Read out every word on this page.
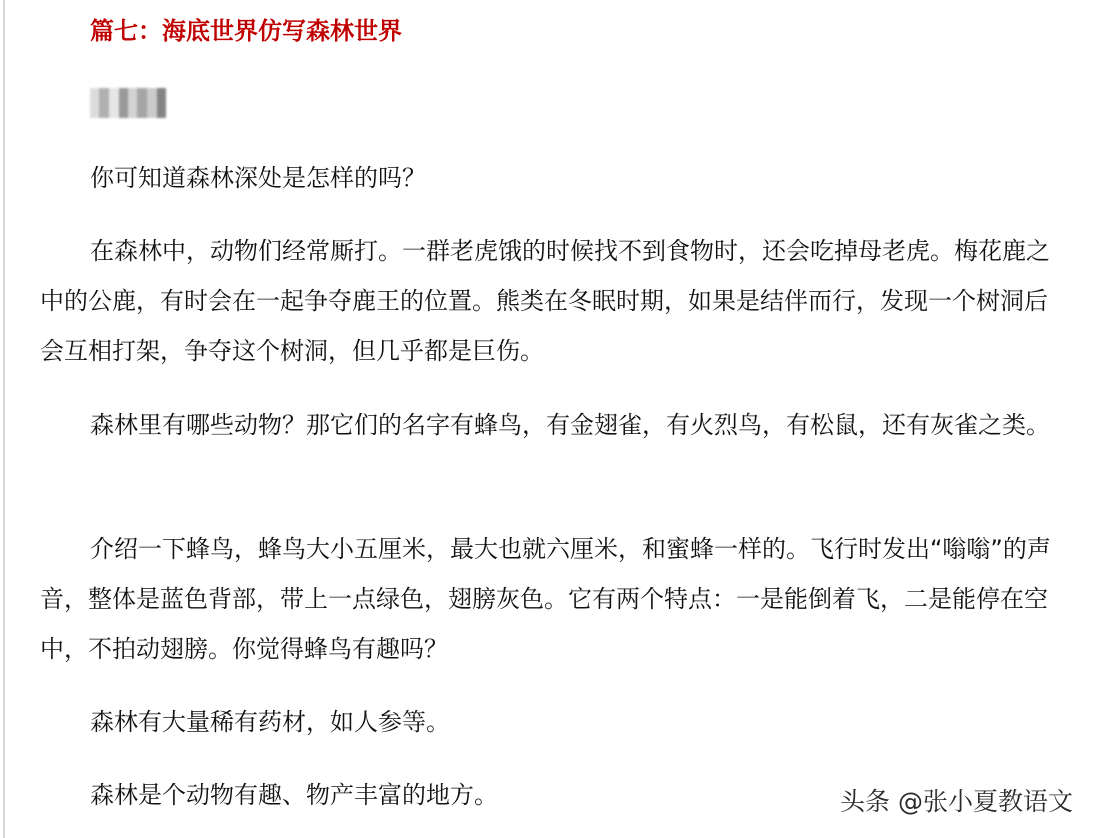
篇七：海底世界仿写森林世界

你可知道森林深处是怎样的吗？

在森林中，动物们经常厮打。一群老虎饿的时候找不到食物时，还会吃掉母老虎。梅花鹿之中的公鹿，有时会在一起争夺鹿王的位置。熊类在冬眠时期，如果是结伴而行，发现一个树洞后会互相打架，争夺这个树洞，但几乎都是巨伤。

森林里有哪些动物？那它们的名字有蜂鸟，有金翅雀，有火烈鸟，有松鼠，还有灰雀之类。

介绍一下蜂鸟，蜂鸟大小五厘米，最大也就六厘米，和蜜蜂一样的。飞行时发出“嗡嗡”的声音，整体是蓝色背部，带上一点绿色，翅膀灰色。它有两个特点：一是能倒着飞，二是能停在空中，不拍动翅膀。你觉得蜂鸟有趣吗？

森林有大量稀有药材，如人参等。

森林是个动物有趣、物产丰富的地方。	头条 @张小夏教语文
